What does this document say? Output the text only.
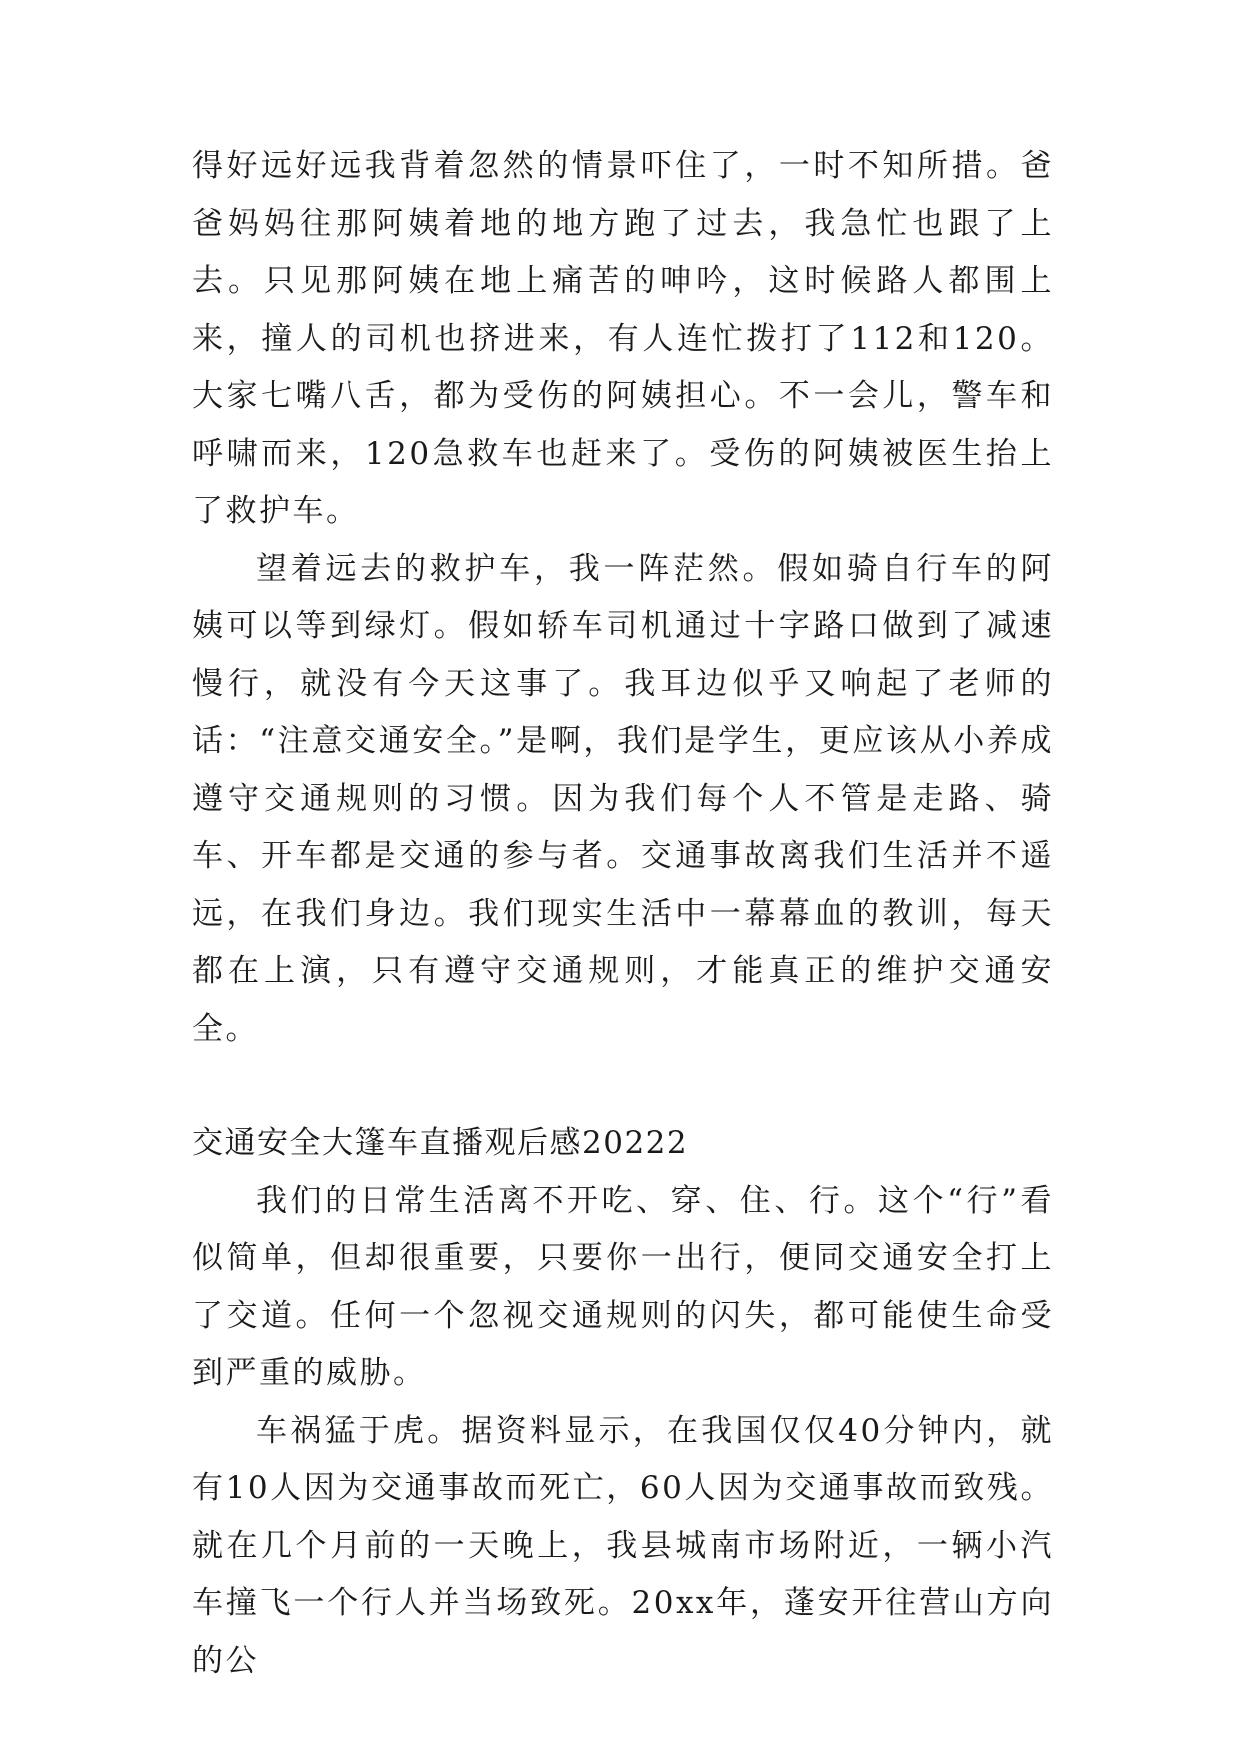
得好远好远我背着忽然的情景吓住了，一时不知所措。爸爸妈妈往那阿姨着地的地方跑了过去，我急忙也跟了上去。只见那阿姨在地上痛苦的呻吟，这时候路人都围上来，撞人的司机也挤进来，有人连忙拨打了112和120。大家七嘴八舌，都为受伤的阿姨担心。不一会儿，警车和呼啸而来，120急救车也赶来了。受伤的阿姨被医生抬上了救护车。

望着远去的救护车，我一阵茫然。假如骑自行车的阿姨可以等到绿灯。假如轿车司机通过十字路口做到了减速慢行，就没有今天这事了。我耳边似乎又响起了老师的话：“注意交通安全。”是啊，我们是学生，更应该从小养成遵守交通规则的习惯。因为我们每个人不管是走路、骑车、开车都是交通的参与者。交通事故离我们生活并不遥远，在我们身边。我们现实生活中一幕幕血的教训，每天都在上演，只有遵守交通规则，才能真正的维护交通安全。

交通安全大篷车直播观后感20222

我们的日常生活离不开吃、穿、住、行。这个“行”看似简单，但却很重要，只要你一出行，便同交通安全打上了交道。任何一个忽视交通规则的闪失，都可能使生命受到严重的威胁。

车祸猛于虎。据资料显示，在我国仅仅40分钟内，就有10人因为交通事故而死亡，60人因为交通事故而致残。就在几个月前的一天晚上，我县城南市场附近，一辆小汽车撞飞一个行人并当场致死。20xx年，蓬安开往营山方向的公
